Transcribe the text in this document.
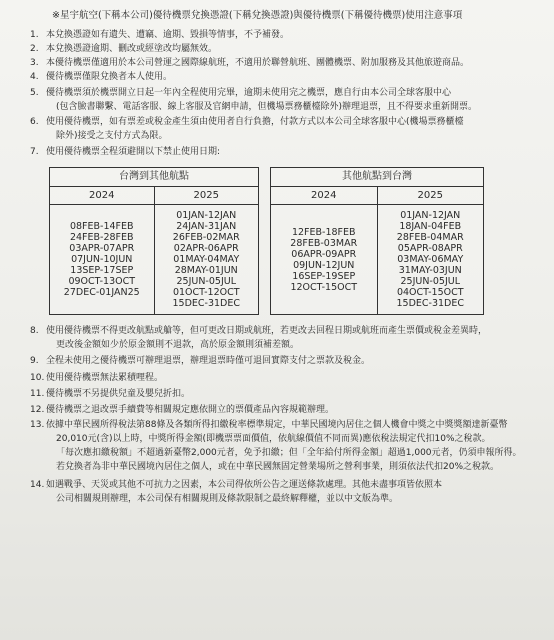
※星宇航空(下稱本公司)優待機票兌換憑證(下稱兌換憑證)與優待機票(下稱優待機票)使用注意事項
1. 本兌換憑證如有遺失、遭竊、逾期、毀損等情事，不予補發。
2. 本兌換憑證逾期、刪改或經塗改均屬無效。
3. 本優待機票僅適用於本公司營運之國際線航班，不適用於聯營航班、團體機票、附加服務及其他旅遊商品。
4. 優待機票僅限兌換者本人使用。
5. 優待機票須於機票開立日起一年內全程使用完畢，逾期未使用完之機票，應自行由本公司全球客服中心
(包含臉書聯繫、電話客服、線上客服及官網申請，但機場票務櫃檯除外)辦理退票，且不得要求重新開票。
6. 使用優待機票，如有票差或稅金產生須由使用者自行負擔，付款方式以本公司全球客服中心(機場票務櫃檯
除外)接受之支付方式為限。
7. 使用優待機票全程須避開以下禁止使用日期:
台灣到其他航點
2024	2025
08FEB-14FEB
24FEB-28FEB
03APR-07APR
07JUN-10JUN
13SEP-17SEP
09OCT-13OCT
27DEC-01JAN25
01JAN-12JAN
24JAN-31JAN
26FEB-02MAR
02APR-06APR
01MAY-04MAY
28MAY-01JUN
25JUN-05JUL
01OCT-12OCT
15DEC-31DEC
其他航點到台灣
2024	2025
12FEB-18FEB
28FEB-03MAR
06APR-09APR
09JUN-12JUN
16SEP-19SEP
12OCT-15OCT
01JAN-12JAN
18JAN-04FEB
28FEB-04MAR
05APR-08APR
03MAY-06MAY
31MAY-03JUN
25JUN-05JUL
04OCT-15OCT
15DEC-31DEC
8. 使用優待機票不得更改航點或艙等，但可更改日期或航班，若更改去回程日期或航班而產生票價或稅金差異時，
更改後金額如少於原金額則不退款，高於原金額則須補差額。
9. 全程未使用之優待機票可辦理退票，辦理退票時僅可退回實際支付之票款及稅金。
10. 使用優待機票無法累積哩程。
11. 優待機票不另提供兒童及嬰兒折扣。
12. 優待機票之退改票手續費等相關規定應依開立的票價產品內容規範辦理。
13. 依據中華民國所得稅法第88條及各類所得扣繳稅率標準規定，中華民國境內居住之個人機會中獎之中獎獎額達新臺幣
20,010元(含)以上時，中獎所得金額(即機票票面價值，依航線價值不同而異)應依稅法規定代扣10%之稅款。
「每次應扣繳稅額」不超過新臺幣2,000元者，免予扣繳；但「全年給付所得金額」超過1,000元者，仍須申報所得。
若兌換者為非中華民國境內居住之個人，或在中華民國無固定營業場所之營利事業，則須依法代扣20%之稅款。
14. 如遇戰爭、天災或其他不可抗力之因素，本公司得依所公告之運送條款處理。其他未盡事項皆依照本
公司相關規則辦理，本公司保有相關規則及條款限制之最終解釋權，並以中文版為準。
